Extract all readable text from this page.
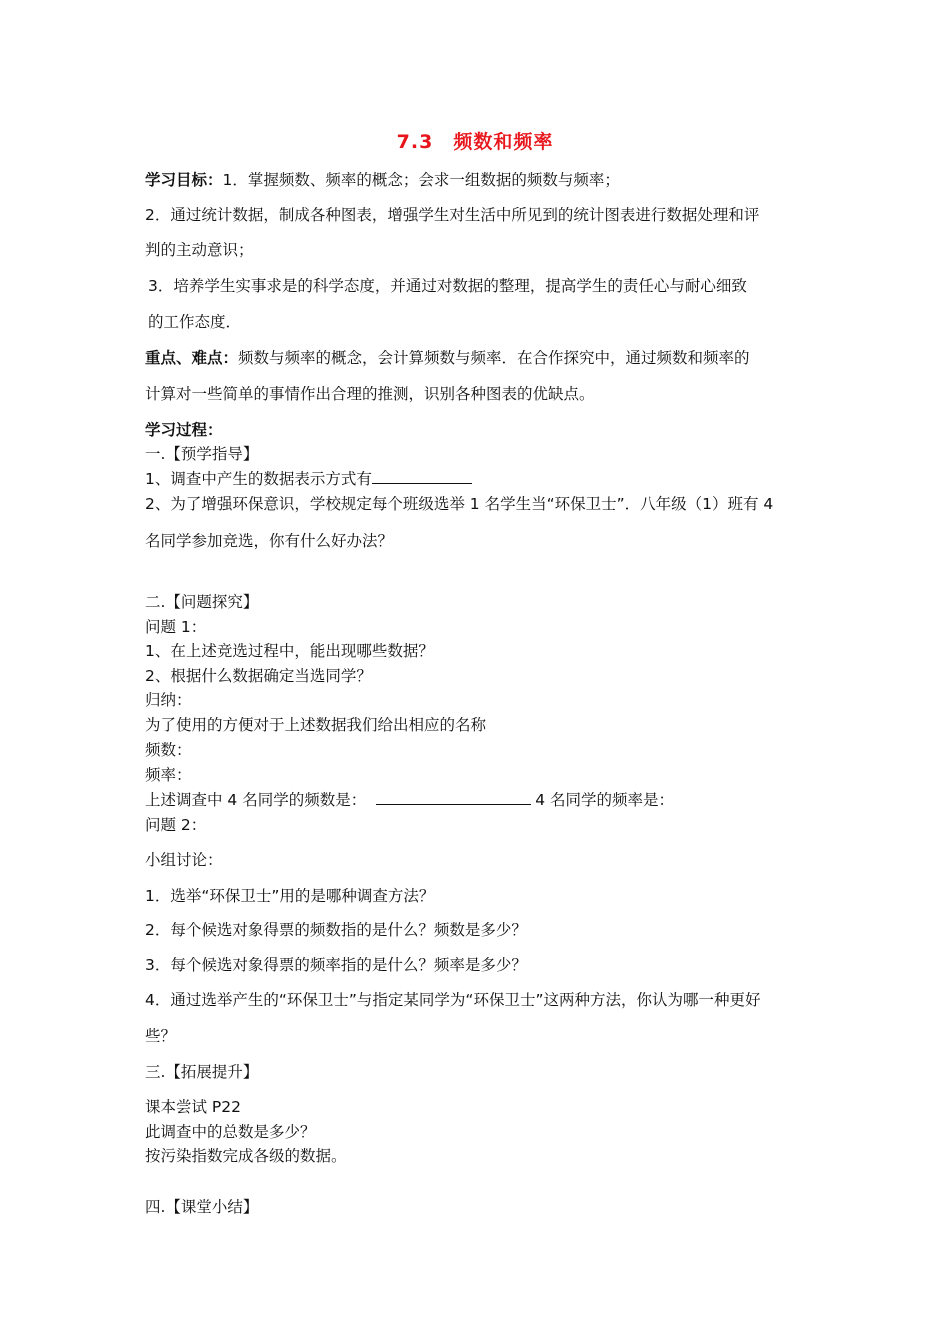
7.3　频数和频率
学习目标：1．掌握频数、频率的概念；会求一组数据的频数与频率；
2．通过统计数据，制成各种图表，增强学生对生活中所见到的统计图表进行数据处理和评
判的主动意识；
3．培养学生实事求是的科学态度，并通过对数据的整理，提高学生的责任心与耐心细致
的工作态度．
重点、难点：频数与频率的概念，会计算频数与频率．在合作探究中，通过频数和频率的
计算对一些简单的事情作出合理的推测，识别各种图表的优缺点。
学习过程：
一.【预学指导】
1、调查中产生的数据表示方式有
2、为了增强环保意识，学校规定每个班级选举 1 名学生当“环保卫士”．八年级（1）班有 4
名同学参加竞选，你有什么好办法？
二.【问题探究】
问题 1：
1、在上述竞选过程中，能出现哪些数据？
2、根据什么数据确定当选同学？
归纳：
为了使用的方便对于上述数据我们给出相应的名称
频数：
频率：
上述调查中 4 名同学的频数是：	4 名同学的频率是：
问题 2：
小组讨论：
1．选举“环保卫士”用的是哪种调查方法？
2．每个候选对象得票的频数指的是什么？频数是多少？
3．每个候选对象得票的频率指的是什么？频率是多少？
4．通过选举产生的“环保卫士”与指定某同学为“环保卫士”这两种方法，你认为哪一种更好
些？
三.【拓展提升】
课本尝试 P22
此调查中的总数是多少？
按污染指数完成各级的数据。
四.【课堂小结】
